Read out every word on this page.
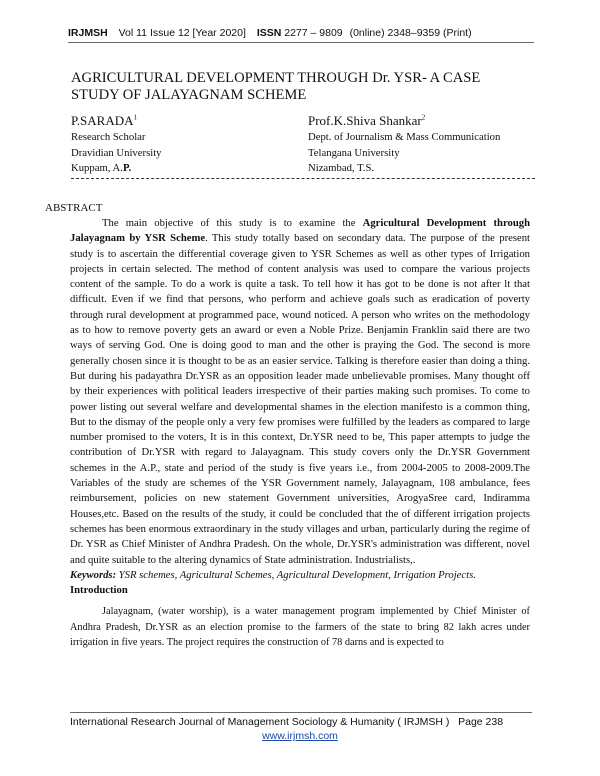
IRJMSH Vol 11 Issue 12 [Year 2020] ISSN 2277 – 9809 (0nline) 2348–9359 (Print)
AGRICULTURAL DEVELOPMENT THROUGH Dr. YSR- A CASE STUDY OF JALAYAGNAM SCHEME
P.SARADA$^1$
Research Scholar
Dravidian University
Kuppam, A.P.
Prof.K.Shiva Shankar$^2$
Dept. of Journalism & Mass Communication
Telangana University
Nizambad, T.S.
ABSTRACT

The main objective of this study is to examine the Agricultural Development through Jalayagnam by YSR Scheme. This study totally based on secondary data. The purpose of the present study is to ascertain the differential coverage given to YSR Schemes as well as other types of Irrigation projects in certain selected. The method of content analysis was used to compare the various projects content of the sample. To do a work is quite a task. To tell how it has got to be done is not after lt that difficult. Even if we find that persons, who perform and achieve goals such as eradication of poverty through rural development at programmed pace, wound noticed. A person who writes on the methodology as to how to remove poverty gets an award or even a Noble Prize. Benjamin Franklin said there are two ways of serving God. One is doing good to man and the other is praying the God. The second is more generally chosen since it is thought to be as an easier service. Talking is therefore easier than doing a thing. But during his padayathra Dr.YSR as an opposition leader made unbelievable promises. Many thought off by their experiences with political leaders irrespective of their parties making such promises. To come to power listing out several welfare and developmental shames in the election manifesto is a common thing, But to the dismay of the people only a very few promises were fulfilled by the leaders as compared to large number promised to the voters, It is in this context, Dr.YSR need to be, This paper attempts to judge the contribution of Dr.YSR with regard to Jalayagnam. This study covers only the Dr.YSR Government schemes in the A.P., state and period of the study is five years i.e., from 2004-2005 to 2008-2009.The Variables of the study are schemes of the YSR Government namely, Jalayagnam, 108 ambulance, fees reimbursement, policies on new statement Government universities, ArogyaSree card, Indiramma Houses,etc. Based on the results of the study, it could be concluded that the of different irrigation projects schemes has been enormous extraordinary in the study villages and urban, particularly during the regime of Dr. YSR as Chief Minister of Andhra Pradesh. On the whole, Dr.YSR's administration was different, novel and quite suitable to the altering dynamics of State administration. Industrialists,.

Keywords: YSR schemes, Agricultural Schemes, Agricultural Development, Irrigation Projects.
Introduction

Jalayagnam, (water worship), is a water management program implemented by Chief Minister of Andhra Pradesh, Dr.YSR as an election promise to the farmers of the state to bring 82 lakh acres under irrigation in five years. The project requires the construction of 78 darns and is expected to

International Research Journal of Management Sociology & Humanity ( IRJMSH ) Page 238
www.irjmsh.com
